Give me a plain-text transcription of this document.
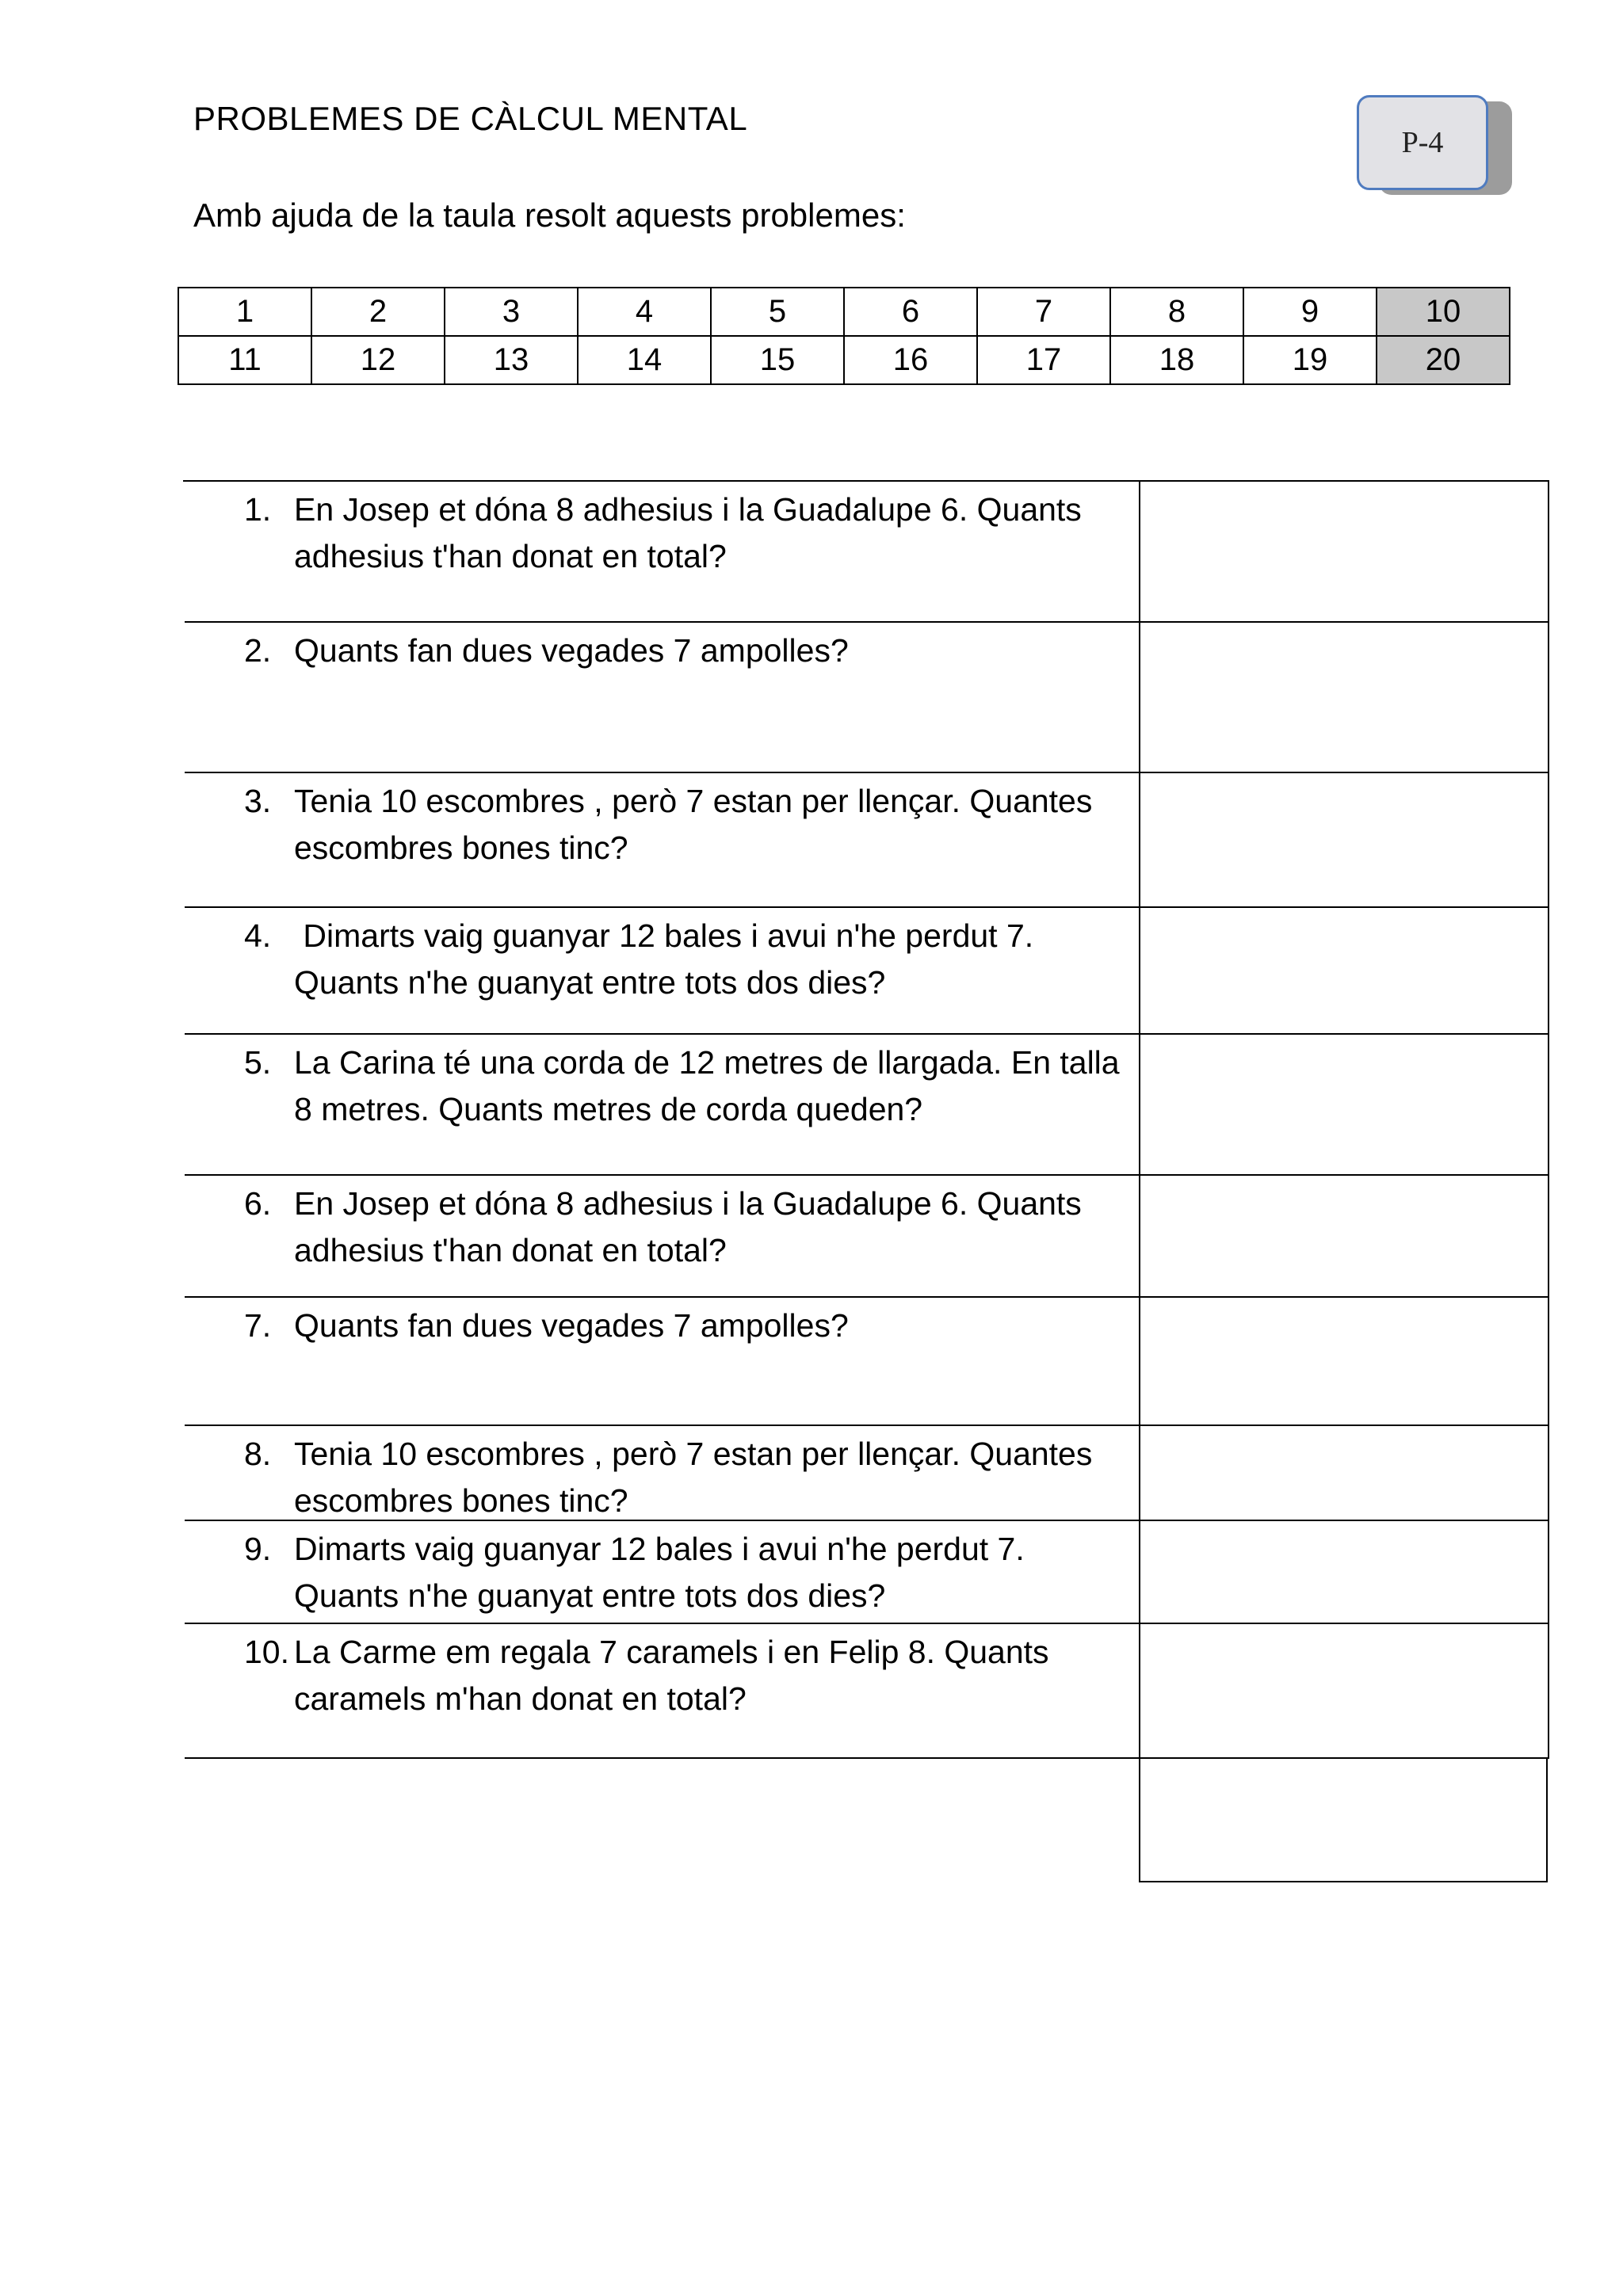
PROBLEMES DE CÀLCUL MENTAL
Amb ajuda de la taula resolt aquests problemes:
P-4
1	2	3	4	5	6	7	8	9	10
11	12	13	14	15	16	17	18	19	20
1. En Josep et dóna 8 adhesius i la Guadalupe 6. Quants adhesius t'han donat en total?
2. Quants fan dues vegades 7 ampolles?
3. Tenia 10 escombres , però 7 estan per llençar. Quantes escombres bones tinc?
4. Dimarts vaig guanyar 12 bales i avui n'he perdut 7. Quants n'he guanyat entre tots dos dies?
5. La Carina té una corda de 12 metres de llargada. En talla 8 metres. Quants metres de corda queden?
6. En Josep et dóna 8 adhesius i la Guadalupe 6. Quants adhesius t'han donat en total?
7. Quants fan dues vegades 7 ampolles?
8. Tenia 10 escombres , però 7 estan per llençar. Quantes escombres bones tinc?
9. Dimarts vaig guanyar 12 bales i avui n'he perdut 7. Quants n'he guanyat entre tots dos dies?
10. La Carme em regala 7 caramels i en Felip 8. Quants caramels m'han donat en total?
